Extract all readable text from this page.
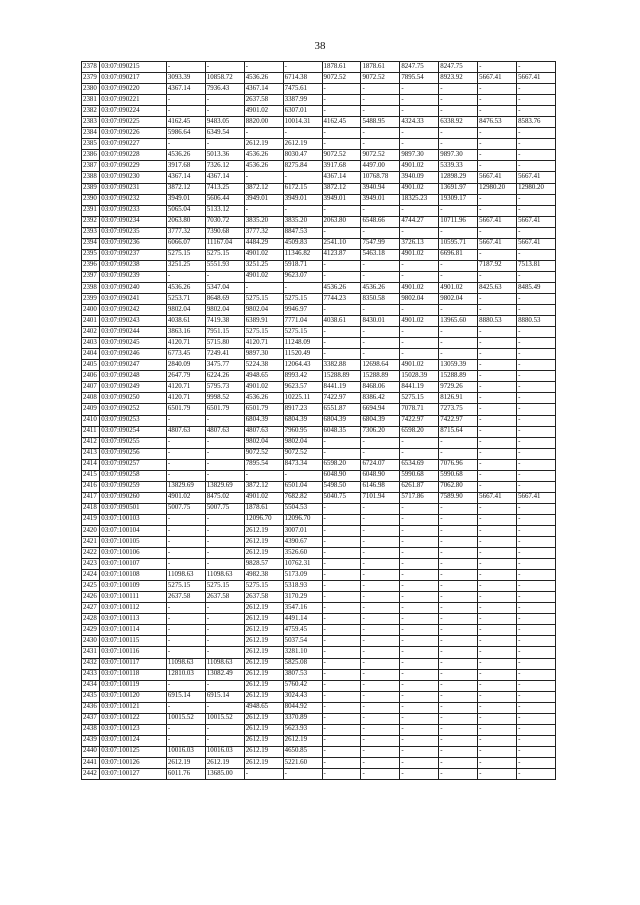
38
2378	03:07:090215	-	-	-	-	1878.61	1878.61	8247.75	8247.75	-	-
2379	03:07:090217	3093.39	10858.72	4536.26	6714.38	9072.52	9072.52	7895.54	8923.92	5667.41	5667.41
2380	03:07:090220	4367.14	7936.43	4367.14	7475.61	-	-	-	-	-	-
2381	03:07:090221	-	-	2637.58	3387.99	-	-	-	-	-	-
2382	03:07:090224	-	-	4901.02	6307.01	-	-	-	-	-	-
2383	03:07:090225	4162.45	9483.05	8820.00	10014.31	4162.45	5488.95	4324.33	6338.92	8476.53	8583.76
2384	03:07:090226	5986.64	6349.54	-	-	-	-	-	-	-	-
2385	03:07:090227	-	-	2612.19	2612.19	-	-	-	-	-	-
2386	03:07:090228	4536.26	5013.36	4536.26	8030.47	9072.52	9072.52	9897.30	9897.30	-	-
2387	03:07:090229	3917.68	7326.12	4536.26	8275.84	3917.68	4497.00	4901.02	5339.33	-	-
2388	03:07:090230	4367.14	4367.14	-	-	4367.14	10768.78	3940.09	12898.29	5667.41	5667.41
2389	03:07:090231	3872.12	7413.25	3872.12	6172.15	3872.12	3940.94	4901.02	13691.97	12980.20	12980.20
2390	03:07:090232	3949.01	5606.44	3949.01	3949.01	3949.01	3949.01	18325.23	19309.17	-	-
2391	03:07:090233	5065.04	5133.12	-	-	-	-	-	-	-	-
2392	03:07:090234	2063.80	7030.72	3835.20	3835.20	2063.80	6548.66	4744.27	10711.96	5667.41	5667.41
2393	03:07:090235	3777.32	7390.68	3777.32	8847.53	-	-	-	-	-	-
2394	03:07:090236	6066.07	11167.04	4484.29	4509.83	2541.10	7547.99	3726.13	10595.71	5667.41	5667.41
2395	03:07:090237	5275.15	5275.15	4901.02	11346.82	4123.87	5463.18	4901.02	6696.81	-	-
2396	03:07:090238	3251.25	5551.93	3251.25	5918.71	-	-	-	-	7187.92	7513.81
2397	03:07:090239	-	-	4901.02	9623.07	-	-	-	-	-	-
2398	03:07:090240	4536.26	5347.04	-	-	4536.26	4536.26	4901.02	4901.02	8425.63	8485.49
2399	03:07:090241	5253.71	8648.69	5275.15	5275.15	7744.23	8350.58	9802.04	9802.04	-	-
2400	03:07:090242	9802.04	9802.04	9802.04	9946.97	-	-	-	-	-	-
2401	03:07:090243	4038.61	7419.38	6389.91	7771.04	4038.61	8430.01	4901.02	13965.60	8880.53	8880.53
2402	03:07:090244	3863.16	7951.15	5275.15	5275.15	-	-	-	-	-	-
2403	03:07:090245	4120.71	5715.80	4120.71	11248.09	-	-	-	-	-	-
2404	03:07:090246	6773.45	7249.41	9897.30	11520.49	-	-	-	-	-	-
2405	03:07:090247	2840.09	3475.77	5224.38	12064.43	3382.88	12698.64	4901.02	13059.39	-	-
2406	03:07:090248	2647.79	6224.26	4948.65	8993.42	15288.89	15288.89	15028.39	15288.89	-	-
2407	03:07:090249	4120.71	5795.73	4901.02	9623.57	8441.19	8468.06	8441.19	9729.26	-	-
2408	03:07:090250	4120.71	9998.52	4536.26	10225.11	7422.97	8386.42	5275.15	8126.91	-	-
2409	03:07:090252	6501.79	6501.79	6501.79	8917.23	6551.87	6694.94	7078.71	7273.75	-	-
2410	03:07:090253	-	-	6804.39	6804.39	6804.39	6804.39	7422.97	7422.97	-	-
2411	03:07:090254	4807.63	4807.63	4807.63	7960.95	6048.35	7306.20	6598.20	8715.64	-	-
2412	03:07:090255	-	-	9802.04	9802.04	-	-	-	-	-	-
2413	03:07:090256	-	-	9072.52	9072.52	-	-	-	-	-	-
2414	03:07:090257	-	-	7895.54	8473.34	6598.20	6724.07	6534.69	7076.96	-	-
2415	03:07:090258	-	-	-	-	6048.90	6048.90	5990.68	5990.68	-	-
2416	03:07:090259	13829.69	13829.69	3872.12	6501.04	5498.50	6146.98	6261.87	7062.80	-	-
2417	03:07:090260	4901.02	8475.02	4901.02	7682.82	5040.75	7101.94	5717.86	7589.90	5667.41	5667.41
2418	03:07:090501	5007.75	5007.75	1878.61	5504.53	-	-	-	-	-	-
2419	03:07:100103	-	-	12096.70	12096.70	-	-	-	-	-	-
2420	03:07:100104	-	-	2612.19	3007.01	-	-	-	-	-	-
2421	03:07:100105	-	-	2612.19	4390.67	-	-	-	-	-	-
2422	03:07:100106	-	-	2612.19	3526.60	-	-	-	-	-	-
2423	03:07:100107	-	-	9828.57	10762.31	-	-	-	-	-	-
2424	03:07:100108	11098.63	11098.63	4982.38	5173.09	-	-	-	-	-	-
2425	03:07:100109	5275.15	5275.15	5275.15	5318.93	-	-	-	-	-	-
2426	03:07:100111	2637.58	2637.58	2637.58	3170.29	-	-	-	-	-	-
2427	03:07:100112	-	-	2612.19	3547.16	-	-	-	-	-	-
2428	03:07:100113	-	-	2612.19	4491.14	-	-	-	-	-	-
2429	03:07:100114	-	-	2612.19	4759.45	-	-	-	-	-	-
2430	03:07:100115	-	-	2612.19	5037.54	-	-	-	-	-	-
2431	03:07:100116	-	-	2612.19	3281.10	-	-	-	-	-	-
2432	03:07:100117	11098.63	11098.63	2612.19	5825.08	-	-	-	-	-	-
2433	03:07:100118	12810.03	13082.49	2612.19	3807.53	-	-	-	-	-	-
2434	03:07:100119	-	-	2612.19	5760.42	-	-	-	-	-	-
2435	03:07:100120	6915.14	6915.14	2612.19	3024.43	-	-	-	-	-	-
2436	03:07:100121	-	-	4948.65	8044.92	-	-	-	-	-	-
2437	03:07:100122	10015.52	10015.52	2612.19	3370.89	-	-	-	-	-	-
2438	03:07:100123	-	-	2612.19	5623.93	-	-	-	-	-	-
2439	03:07:100124	-	-	2612.19	2612.19	-	-	-	-	-	-
2440	03:07:100125	10016.03	10016.03	2612.19	4650.85	-	-	-	-	-	-
2441	03:07:100126	2612.19	2612.19	2612.19	5221.60	-	-	-	-	-	-
2442	03:07:100127	6011.76	13685.00	-	-	-	-	-	-	-	-
